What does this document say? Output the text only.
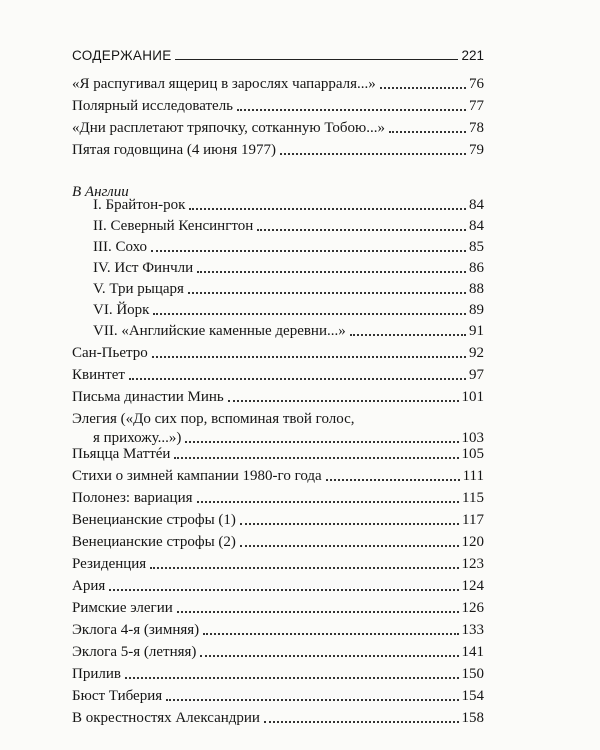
СОДЕРЖАНИЕ	221
В Англии
«Я распугивал ящериц в зарослях чапарраля...»	76
Полярный исследователь	77
«Дни расплетают тряпочку, сотканную Тобою...»	78
Пятая годовщина (4 июня 1977)	79
I. Брайтон-рок	84
II. Северный Кенсингтон	84
III. Сохо	85
IV. Ист Финчли	86
V. Три рыцаря	88
VI. Йорк	89
VII. «Английские каменные деревни...»	91
Сан-Пьетро	92
Квинтет	97
Письма династии Минь	101
Элегия («До сих пор, вспоминая твой голос,
я прихожу...»)	103
Пьяцца Маттéи	105
Стихи о зимней кампании 1980-го года	111
Полонез: вариация	115
Венецианские строфы (1)	117
Венецианские строфы (2)	120
Резиденция	123
Ария	124
Римские элегии	126
Эклога 4-я (зимняя)	133
Эклога 5-я (летняя)	141
Прилив	150
Бюст Тиберия	154
В окрестностях Александрии	158
